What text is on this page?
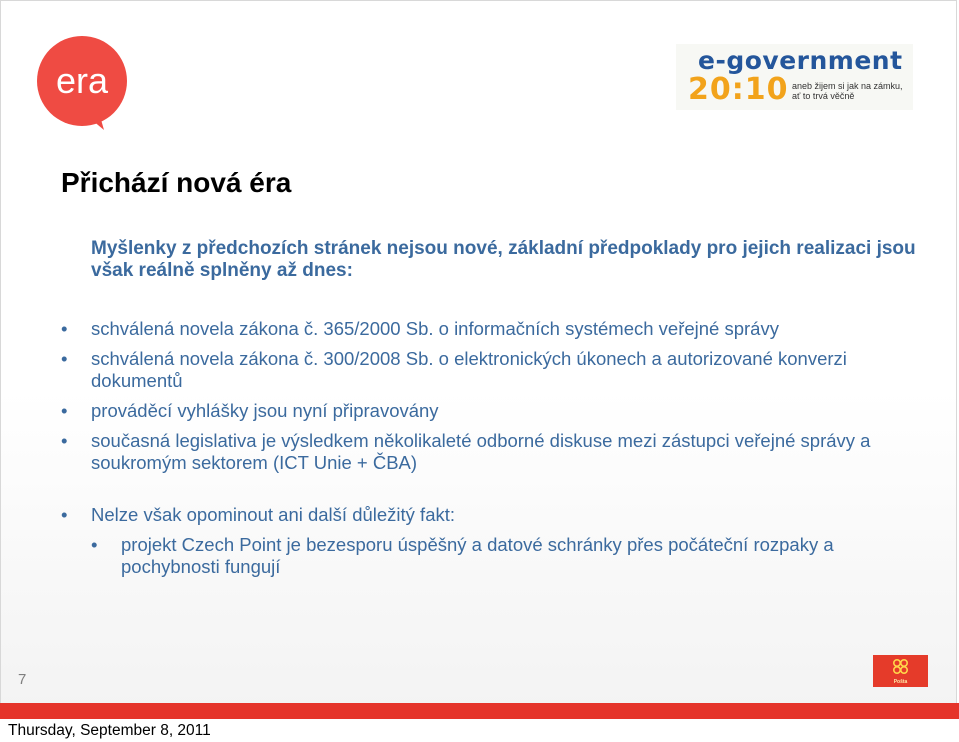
era	e-government
20:10 aneb žijem si jak na zámku,
ať to trvá věčně
Přichází nová éra
Myšlenky z předchozích stránek nejsou nové, základní předpoklady pro jejich realizaci jsou však reálně splněny až dnes:
• schválená novela zákona č. 365/2000 Sb. o informačních systémech veřejné správy
• schválená novela zákona č. 300/2008 Sb. o elektronických úkonech a autorizované konverzi dokumentů
• prováděcí vyhlášky jsou nyní připravovány
• současná legislativa je výsledkem několikaleté odborné diskuse mezi zástupci veřejné správy a soukromým sektorem (ICT Unie + ČBA)
• Nelze však opominout ani další důležitý fakt:
• projekt Czech Point je bezesporu úspěšný a datové schránky přes počáteční rozpaky a pochybnosti fungují
7	Pošta
Thursday, September 8, 2011
